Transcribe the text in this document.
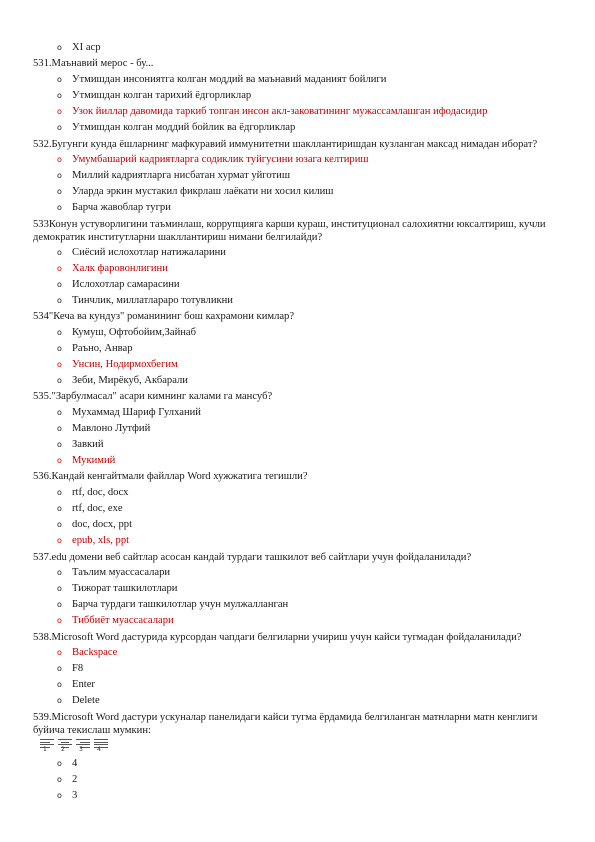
o XI аср
531.Маънавий мерос - бу...
o Утмишдан инсониятга колган моддий ва маънавий маданият бойлиги
o Утмишдан колган тарихий ёдгорликлар
o Узок йиллар давомида таркиб топган инсон акл-заковатининг мужассамлашган ифодасидир
o Утмишдан колган моддий бойлик ва ёдгорликлар
532.Бугунги кунда ёшларнинг мафкуравий иммунитетни шакллантиришдан кузланган максад нимадан иборат?
o Умумбашарий кадриятларга содиклик туйгусини юзага келтириш
o Миллий кадриятларга нисбатан хурмат уйготиш
o Уларда эркин мустакил фикрлаш лаёкати ни хосил килиш
o Барча жавоблар тугри
533Конун устуворлигини таъминлаш, коррупцияга карши кураш, институционал салохиятни юксалтириш, кучли демократик институтларни шакллантириш нимани белгилайди?
o Сиёсий ислохотлар натижаларини
o Халк фаровонлигини
o Ислохотлар самарасини
o Тинчлик, миллатлараро тотувликни
534"Кеча ва кундуз" романининг бош кахрамони кимлар?
o Кумуш, Офтобойим,Зайнаб
o Раъно, Анвар
o Унсин, Нодирмохбегим
o Зеби, Мирёкуб, Акбарали
535."Зарбулмасал" асари кимнинг калами га мансуб?
o Мухаммад Шариф Гулханий
o Мавлоно Лутфий
o Завкий
o Мукимий
536.Кандай кенгайтмали файллар Word хужжатига тегишли?
o rtf, doc, docx
o rtf, doc, exe
o doc, docx, ppt
o epub, xls, ppt
537.edu домени веб сайтлар асосан кандай турдаги ташкилот веб сайтлари учун фойдаланилади?
o Таълим муассасалари
o Тижорат ташкилотлари
o Барча турдаги ташкилотлар учун мулжалланган
o Тиббиёт муассасалари
538.Microsoft Word дастурида курсордан чапдаги белгиларни учириш учун кайси тугмадан фойдаланилади?
o Backspace
o F8
o Enter
o Delete
539.Microsoft Word дастури ускуналар панелидаги кайси тугма ёрдамида белгиланган матнларни матн кенглиги буйича текислаш мумкин:
1 2 3 4
o 4
o 2
o 3
